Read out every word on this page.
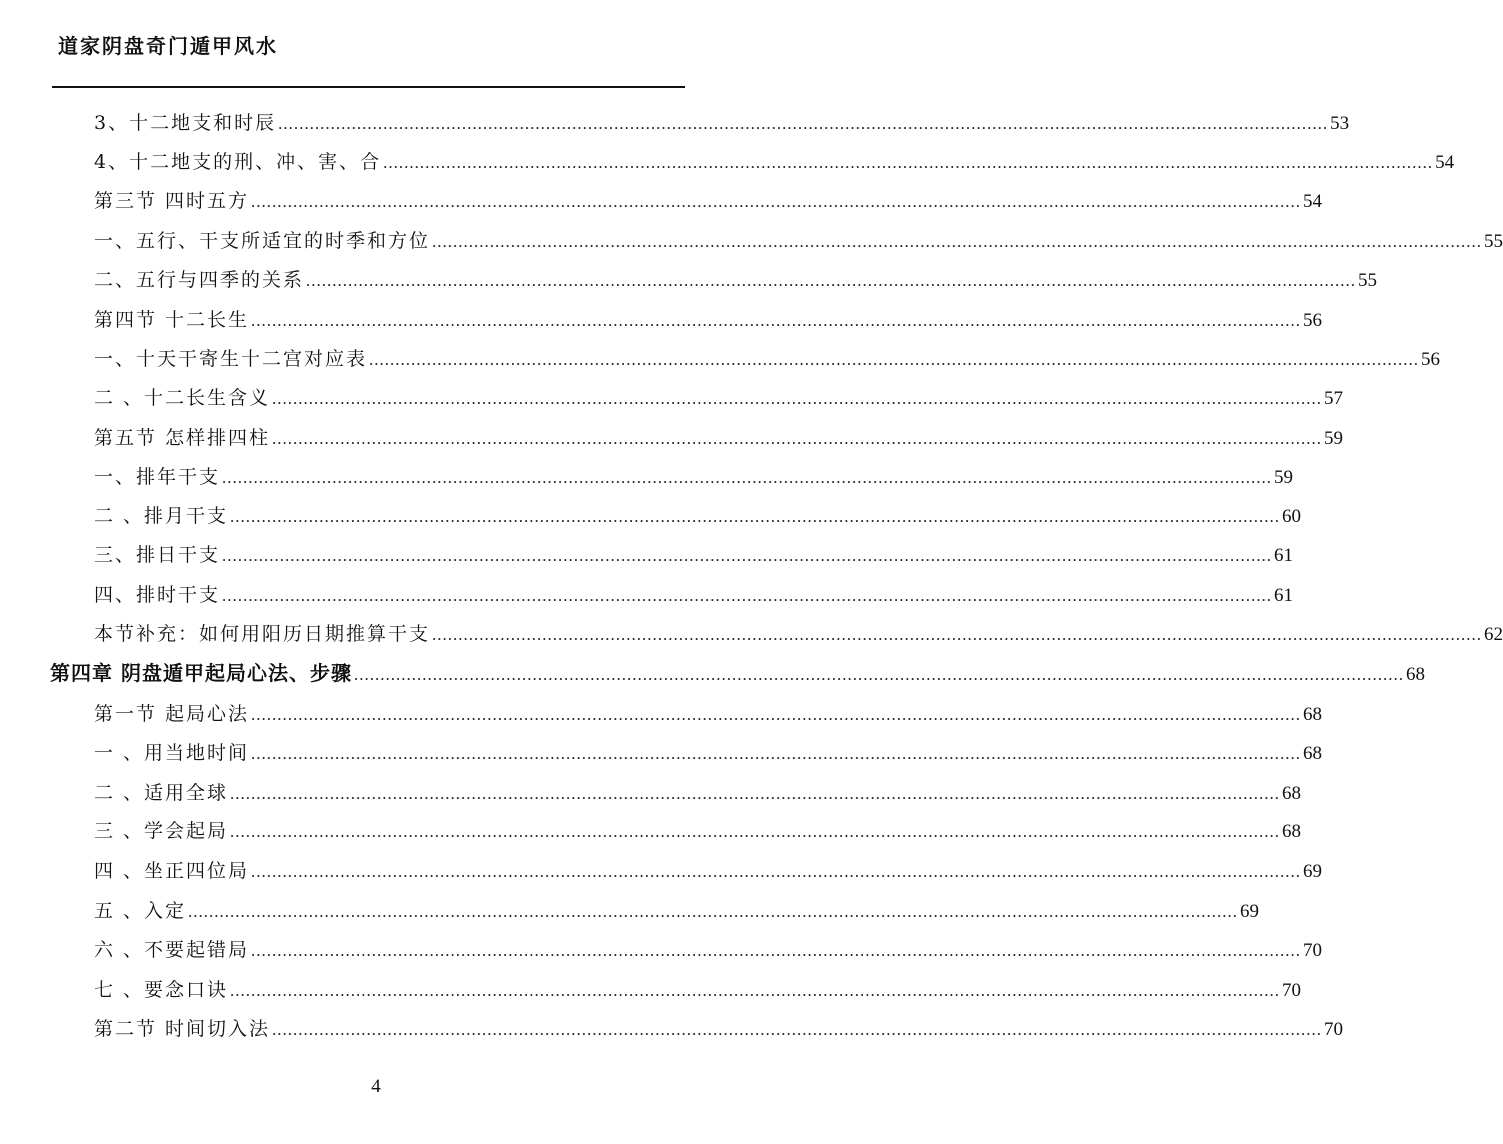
道家阴盘奇门遁甲风水
3、十二地支和时辰 ........................................................................................................................................................................................................ 53
4、十二地支的刑、冲、害、合 ........................................................................................................................................................................................................ 54
第三节 四时五方 ........................................................................................................................................................................................................ 54
一、五行、干支所适宜的时季和方位 ........................................................................................................................................................................................................ 55
二、五行与四季的关系 ........................................................................................................................................................................................................ 55
第四节 十二长生 ........................................................................................................................................................................................................ 56
一、十天干寄生十二宫对应表 ........................................................................................................................................................................................................ 56
二 、十二长生含义 ........................................................................................................................................................................................................ 57
第五节 怎样排四柱 ........................................................................................................................................................................................................ 59
一、排年干支 ........................................................................................................................................................................................................ 59
二 、排月干支 ........................................................................................................................................................................................................ 60
三、排日干支 ........................................................................................................................................................................................................ 61
四、排时干支 ........................................................................................................................................................................................................ 61
本节补充：如何用阳历日期推算干支 ........................................................................................................................................................................................................ 62
第四章 阴盘遁甲起局心法、步骤 ........................................................................................................................................................................................................ 68
第一节 起局心法 ........................................................................................................................................................................................................ 68
一 、用当地时间 ........................................................................................................................................................................................................ 68
二 、适用全球 ........................................................................................................................................................................................................ 68
三 、学会起局 ........................................................................................................................................................................................................ 68
四 、坐正四位局 ........................................................................................................................................................................................................ 69
五 、入定 ........................................................................................................................................................................................................ 69
六 、不要起错局 ........................................................................................................................................................................................................ 70
七 、要念口诀 ........................................................................................................................................................................................................ 70
第二节 时间切入法 ........................................................................................................................................................................................................ 70
4
